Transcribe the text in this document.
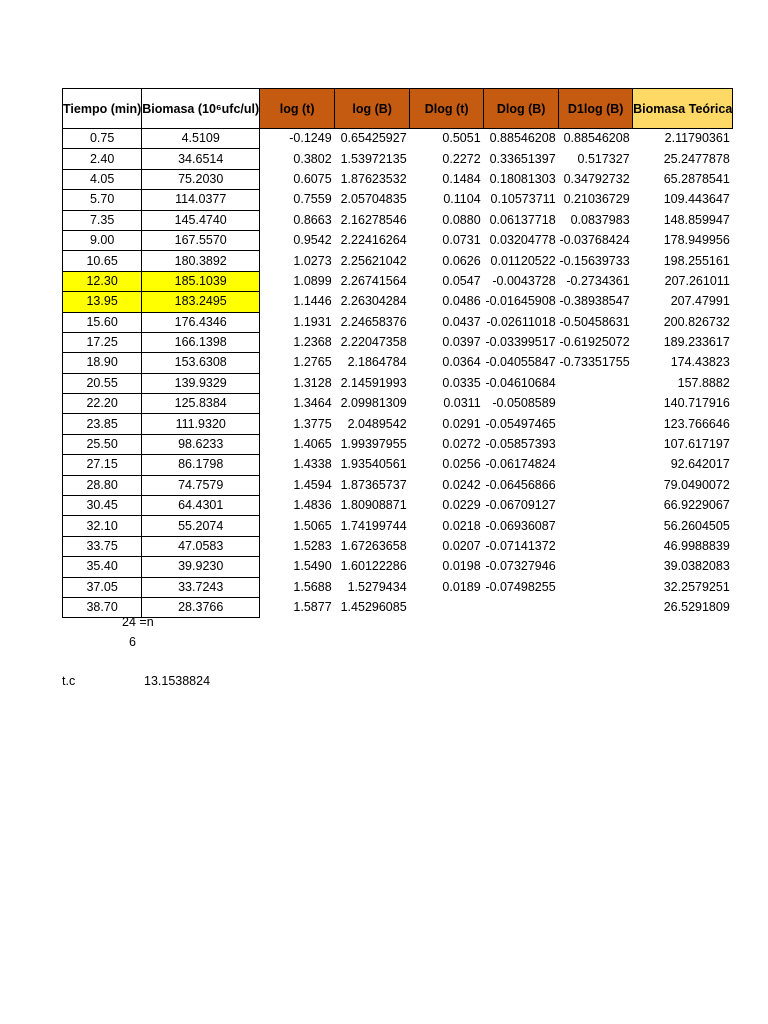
Tiempo (min)	Biomasa (10⁶ufc/ul)	log (t)	log (B)	Dlog (t)	Dlog (B)	D1log (B)	Biomasa Teórica
0.75	4.5109	-0.1249	0.65425927	0.5051	0.88546208	0.88546208	2.11790361
2.40	34.6514	0.3802	1.53972135	0.2272	0.33651397	0.517327	25.2477878
4.05	75.2030	0.6075	1.87623532	0.1484	0.18081303	0.34792732	65.2878541
5.70	114.0377	0.7559	2.05704835	0.1104	0.10573711	0.21036729	109.443647
7.35	145.4740	0.8663	2.16278546	0.0880	0.06137718	0.0837983	148.859947
9.00	167.5570	0.9542	2.22416264	0.0731	0.03204778	-0.03768424	178.949956
10.65	180.3892	1.0273	2.25621042	0.0626	0.01120522	-0.15639733	198.255161
12.30	185.1039	1.0899	2.26741564	0.0547	-0.0043728	-0.2734361	207.261011
13.95	183.2495	1.1446	2.26304284	0.0486	-0.01645908	-0.38938547	207.47991
15.60	176.4346	1.1931	2.24658376	0.0437	-0.02611018	-0.50458631	200.826732
17.25	166.1398	1.2368	2.22047358	0.0397	-0.03399517	-0.61925072	189.233617
18.90	153.6308	1.2765	2.1864784	0.0364	-0.04055847	-0.73351755	174.43823
20.55	139.9329	1.3128	2.14591993	0.0335	-0.04610684		157.8882
22.20	125.8384	1.3464	2.09981309	0.0311	-0.0508589		140.717916
23.85	111.9320	1.3775	2.0489542	0.0291	-0.05497465		123.766646
25.50	98.6233	1.4065	1.99397955	0.0272	-0.05857393		107.617197
27.15	86.1798	1.4338	1.93540561	0.0256	-0.06174824		92.642017
28.80	74.7579	1.4594	1.87365737	0.0242	-0.06456866		79.0490072
30.45	64.4301	1.4836	1.80908871	0.0229	-0.06709127		66.9229067
32.10	55.2074	1.5065	1.74199744	0.0218	-0.06936087		56.2604505
33.75	47.0583	1.5283	1.67263658	0.0207	-0.07141372		46.9988839
35.40	39.9230	1.5490	1.60122286	0.0198	-0.07327946		39.0382083
37.05	33.7243	1.5688	1.5279434	0.0189	-0.07498255		32.2579251
38.70	28.3766	1.5877	1.45296085				26.5291809
24 =n
6
t.c	13.1538824
